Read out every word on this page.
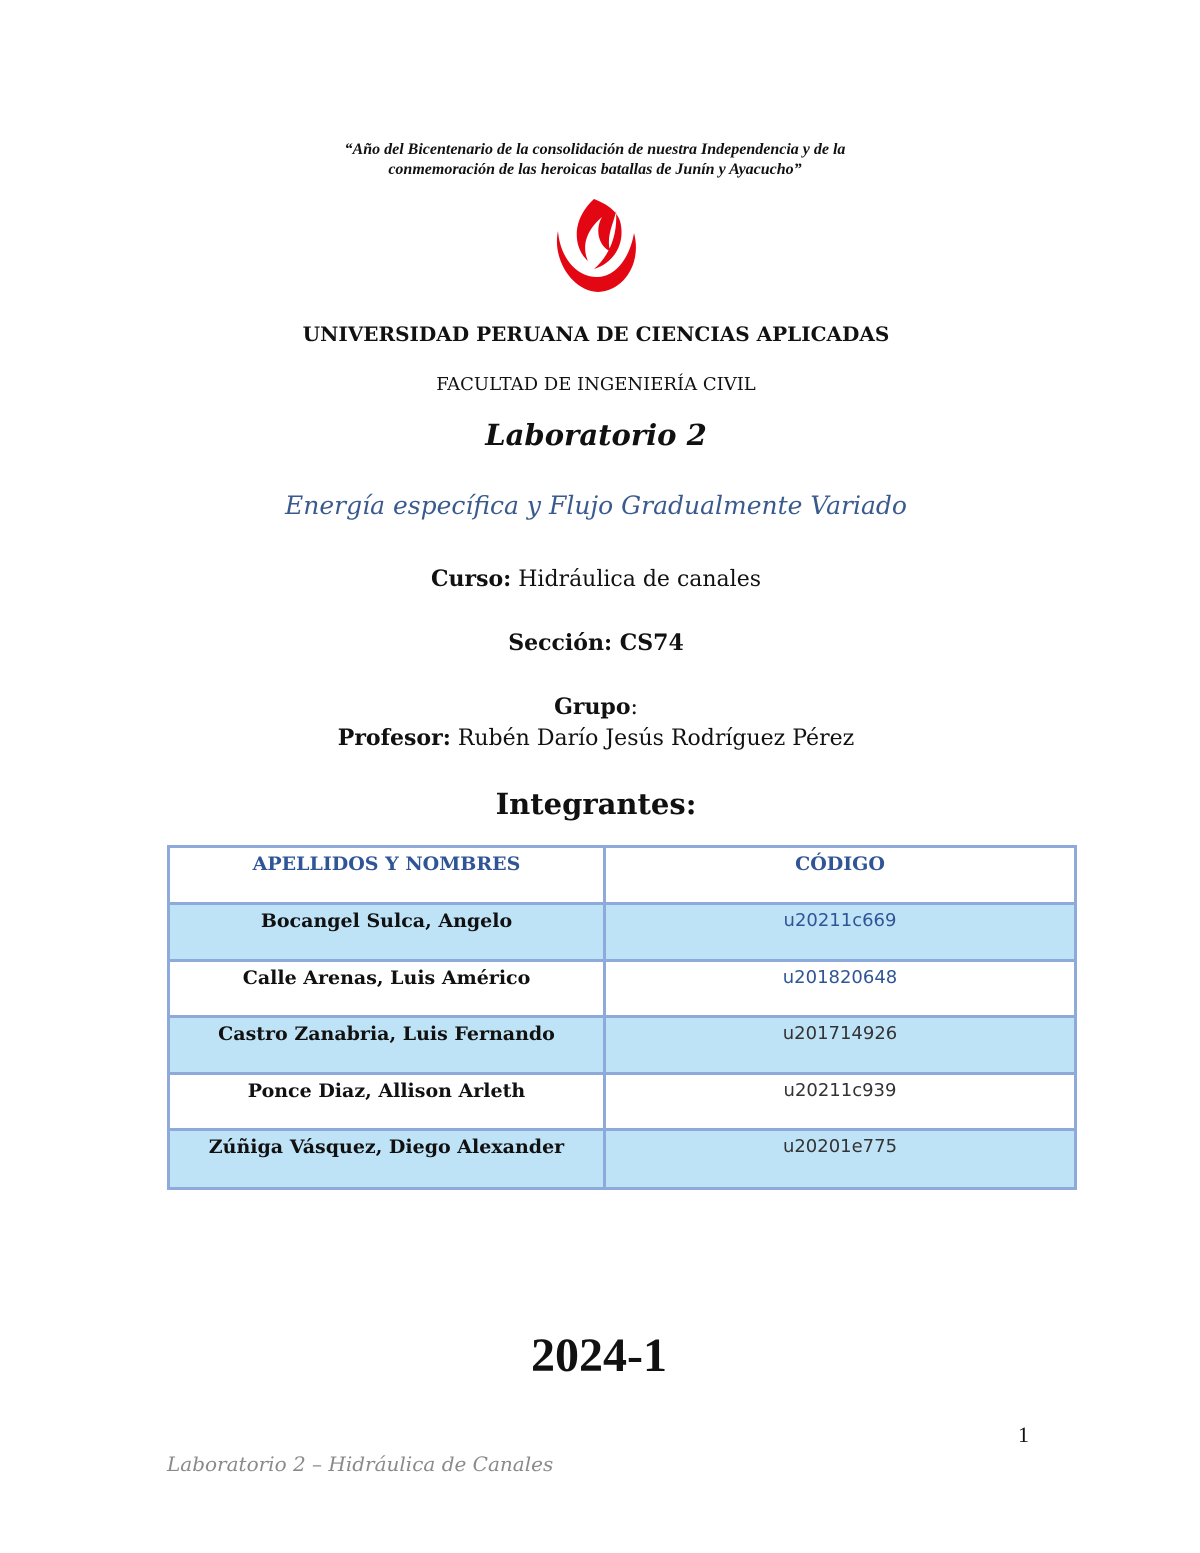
“Año del Bicentenario de la consolidación de nuestra Independencia y de la
conmemoración de las heroicas batallas de Junín y Ayacucho”
UNIVERSIDAD PERUANA DE CIENCIAS APLICADAS
FACULTAD DE INGENIERÍA CIVIL
Laboratorio 2
Energía específica y Flujo Gradualmente Variado
Curso: Hidráulica de canales
Sección: CS74
Grupo:
Profesor: Rubén Darío Jesús Rodríguez Pérez
Integrantes:
APELLIDOS Y NOMBRES	CÓDIGO
Bocangel Sulca, Angelo	u20211c669
Calle Arenas, Luis Américo	u201820648
Castro Zanabria, Luis Fernando	u201714926
Ponce Diaz, Allison Arleth	u20211c939
Zúñiga Vásquez, Diego Alexander	u20201e775
2024-1
1
Laboratorio 2 – Hidráulica de Canales
